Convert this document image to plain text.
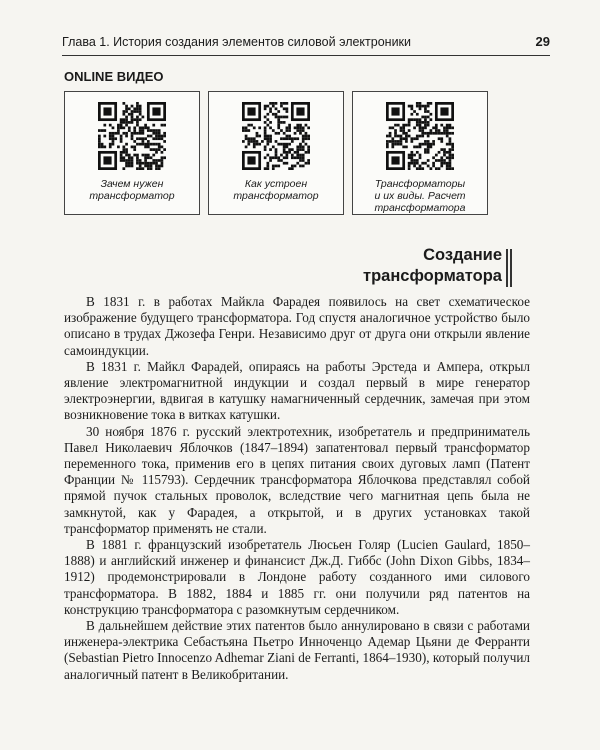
Глава 1. История создания элементов силовой электроники	29
ONLINE ВИДЕО
Зачем нужен
трансформатор
Как устроен
трансформатор
Трансформаторы
и их виды. Расчет
трансформатора
Создание
трансформатора

В 1831 г. в работах Майкла Фарадея появилось на свет схематическое изображение будущего трансформатора. Год спустя аналогичное устройство было описано в трудах Джозефа Генри. Независимо друг от друга они открыли явление самоиндукции.

В 1831 г. Майкл Фарадей, опираясь на работы Эрстеда и Ампера, открыл явление электромагнитной индукции и создал первый в мире генератор электроэнергии, вдвигая в катушку намагниченный сердечник, замечая при этом возникновение тока в витках катушки.

30 ноября 1876 г. русский электротехник, изобретатель и предприниматель Павел Николаевич Яблочков (1847–1894) запатентовал первый трансформатор переменного тока, применив его в цепях питания своих дуговых ламп (Патент Франции № 115793). Сердечник трансформатора Яблочкова представлял собой прямой пучок стальных проволок, вследствие чего магнитная цепь была не замкнутой, как у Фарадея, а открытой, и в других установках такой трансформатор применять не стали.

В 1881 г. французский изобретатель Люсьен Голяр (Lucien Gaulard, 1850–1888) и английский инженер и финансист Дж.Д. Гиббс (John Dixon Gibbs, 1834–1912) продемонстрировали в Лондоне работу созданного ими силового трансформатора. В 1882, 1884 и 1885 гг. они получили ряд патентов на конструкцию трансформатора с разомкнутым сердечником.

В дальнейшем действие этих патентов было аннулировано в связи с работами инженера-электрика Себастьяна Пьетро Инноченцо Адемар Цьяни де Ферранти (Sebastian Pietro Innocenzo Adhemar Ziani de Ferranti, 1864–1930), который получил аналогичный патент в Великобритании.
